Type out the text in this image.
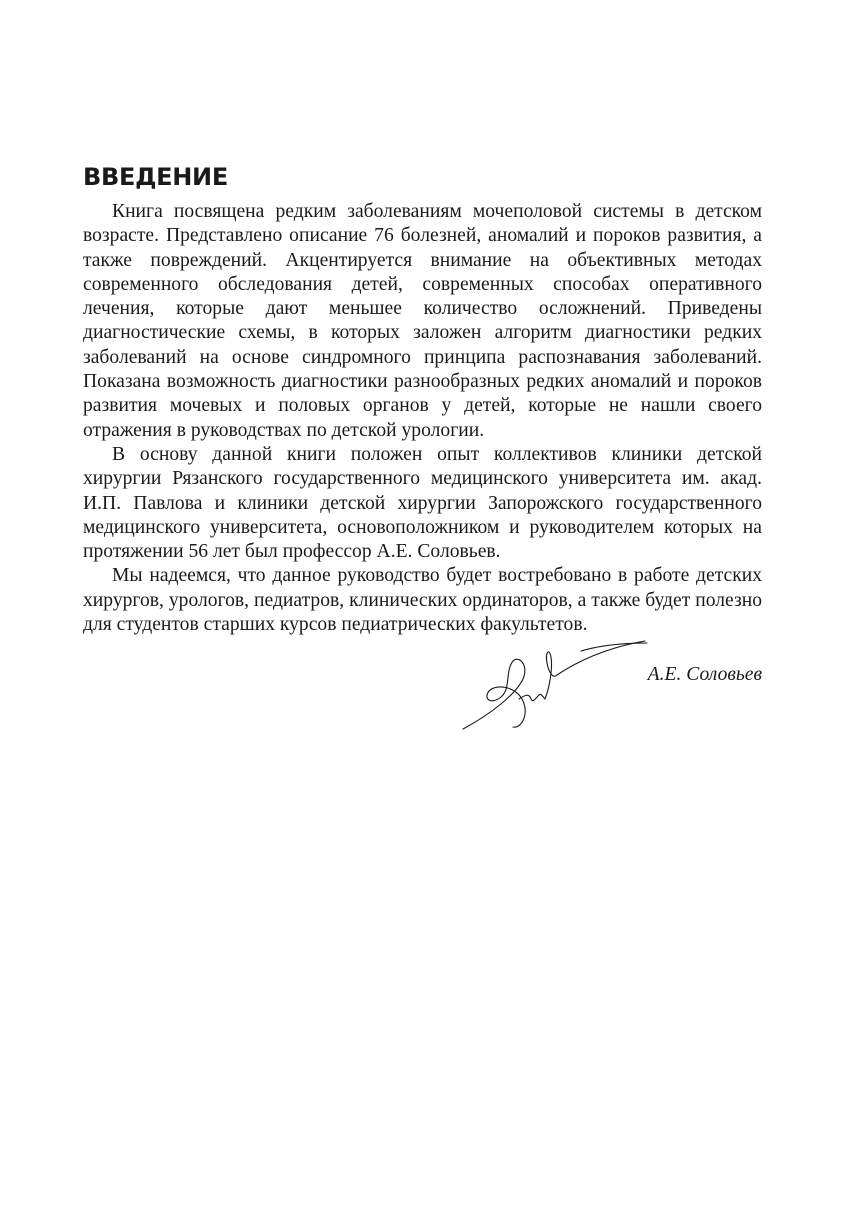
ВВЕДЕНИЕ

Книга посвящена редким заболеваниям мочеполовой системы в детском возрасте. Представлено описание 76 болезней, аномалий и пороков развития, а также повреждений. Акцентируется внимание на объективных методах современного обследования детей, современных способах оперативного лечения, которые дают меньшее количество осложнений. Приведены диагностические схемы, в которых заложен алгоритм диагностики редких заболеваний на основе синдромного принципа распознавания заболеваний. Показана возможность диагностики разнообразных редких аномалий и пороков развития мочевых и половых органов у детей, которые не нашли своего отражения в руководствах по детской урологии.

В основу данной книги положен опыт коллективов клиники детской хирургии Рязанского государственного медицинского университета им. акад. И.П. Павлова и клиники детской хирургии Запорожского государственного медицинского университета, основоположником и руководителем которых на протяжении 56 лет был профессор А.Е. Соловьев.

Мы надеемся, что данное руководство будет востребовано в работе детских хирургов, урологов, педиатров, клинических ординаторов, а также будет полезно для студентов старших курсов педиатрических факультетов.

А.Е. Соловьев
